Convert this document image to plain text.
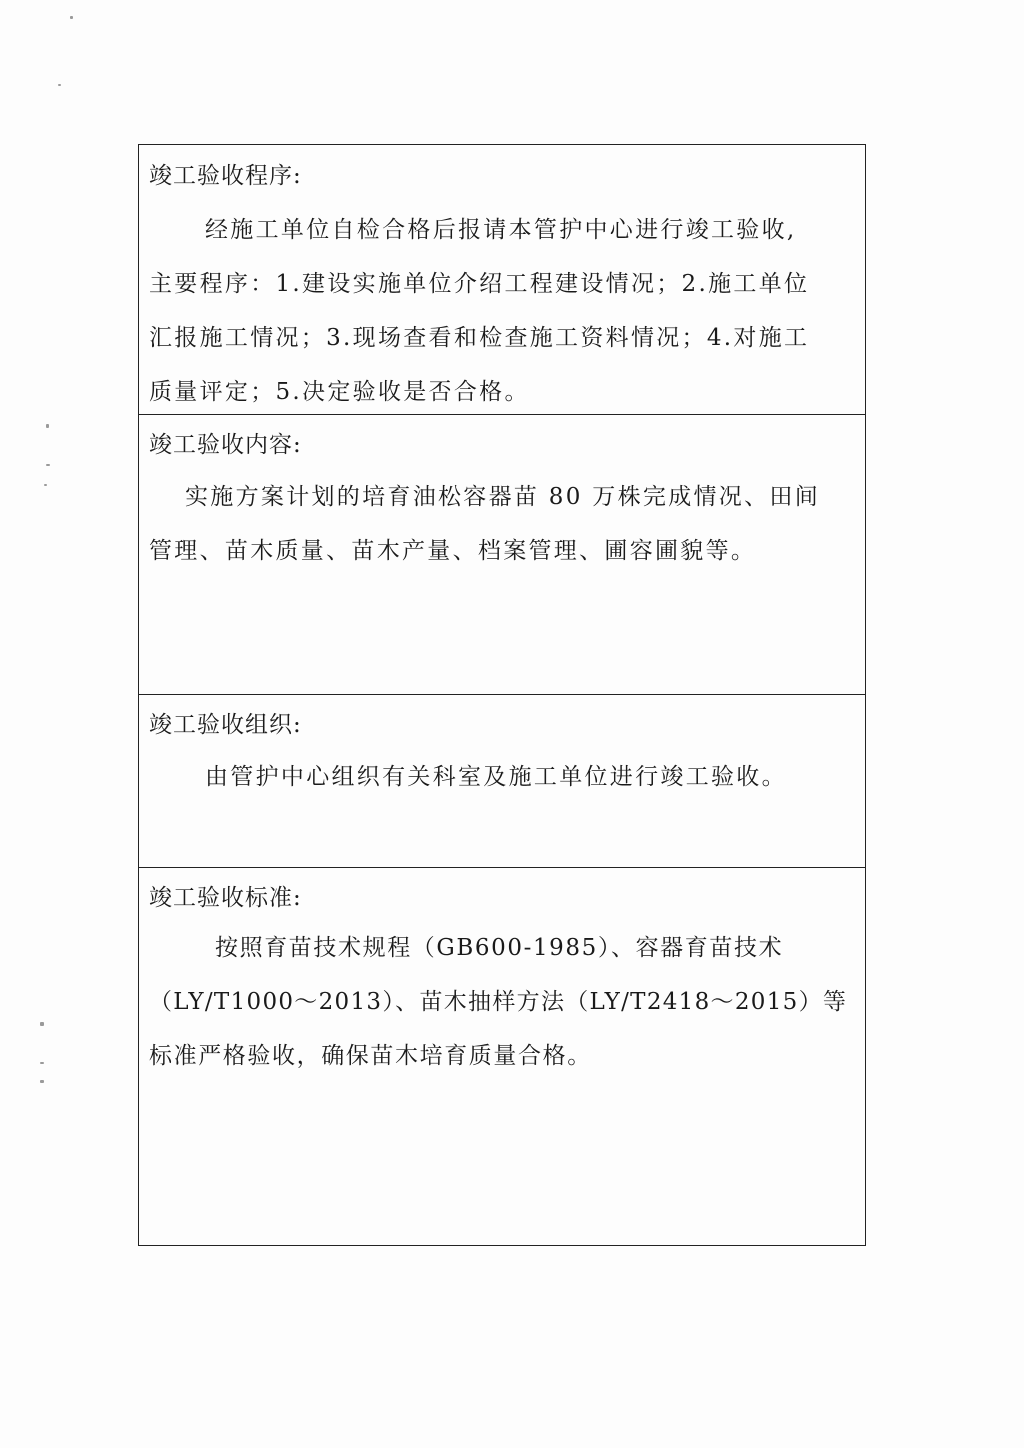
竣工验收程序:
经施工单位自检合格后报请本管护中心进行竣工验收,
主要程序：1.建设实施单位介绍工程建设情况；2.施工单位
汇报施工情况；3.现场查看和检查施工资料情况；4.对施工
质量评定；5.决定验收是否合格。
竣工验收内容:
实施方案计划的培育油松容器苗 80 万株完成情况、田间
管理、苗木质量、苗木产量、档案管理、圃容圃貌等。
竣工验收组织:
由管护中心组织有关科室及施工单位进行竣工验收。
竣工验收标准:
按照育苗技术规程（GB600-1985）、容器育苗技术
（LY/T1000～2013）、苗木抽样方法（LY/T2418～2015）等
标准严格验收，确保苗木培育质量合格。
